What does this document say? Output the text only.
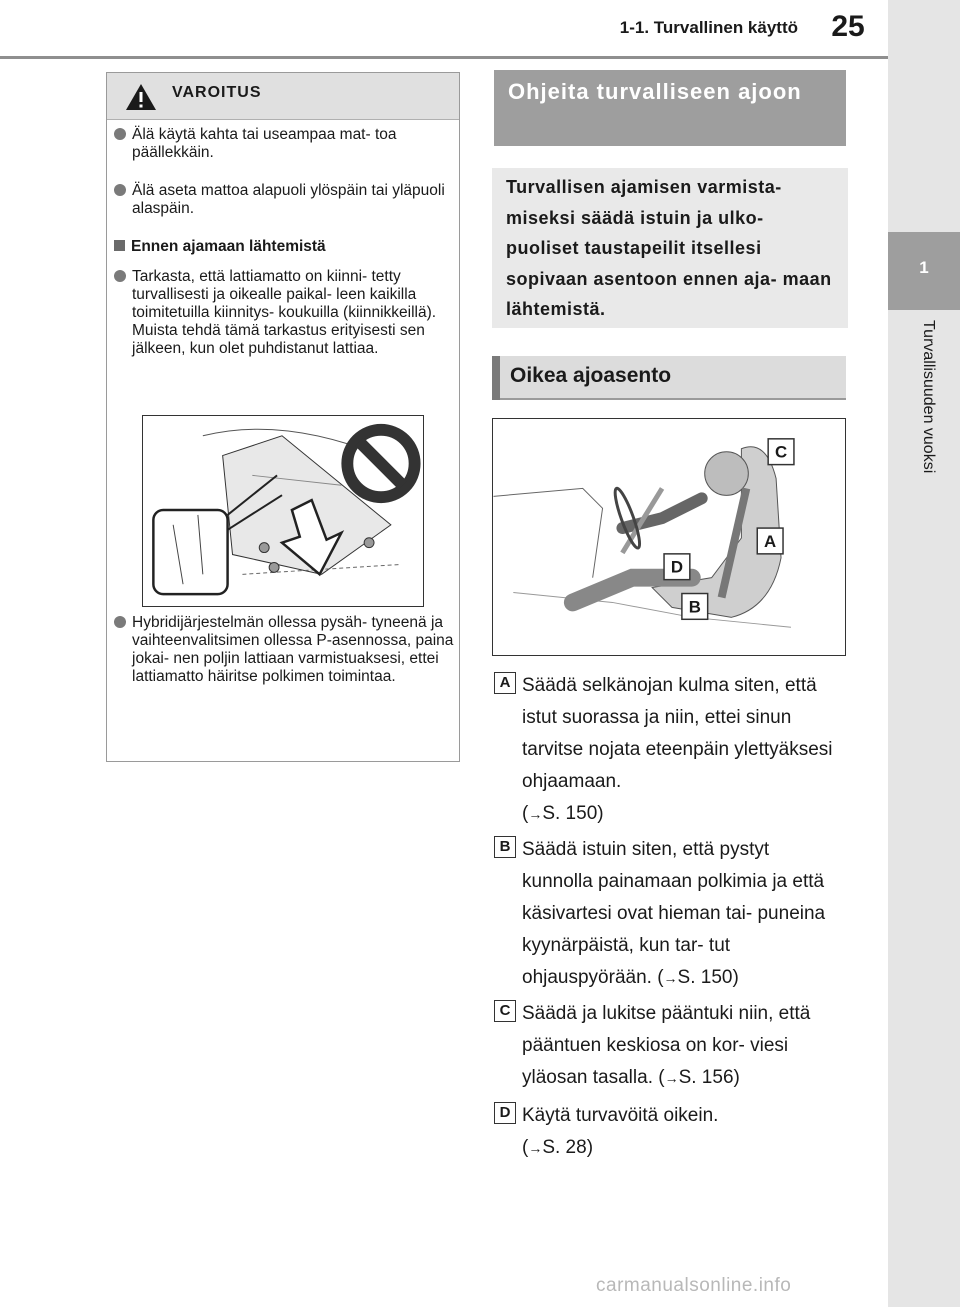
1-1. Turvallinen käyttö	25
1
Turvallisuuden vuoksi
VAROITUS
Älä käytä kahta tai useampaa mat- toa päällekkäin.
Älä aseta mattoa alapuoli ylöspäin tai yläpuoli alaspäin.
Ennen ajamaan lähtemistä
Tarkasta, että lattiamatto on kiinni- tetty turvallisesti ja oikealle paikal- leen kaikilla toimitetuilla kiinnitys- koukuilla (kiinnikkeillä). Muista tehdä tämä tarkastus erityisesti sen jälkeen, kun olet puhdistanut lattiaa.
Hybridijärjestelmän ollessa pysäh- tyneenä ja vaihteenvalitsimen ollessa P-asennossa, paina jokai- nen poljin lattiaan varmistuaksesi, ettei lattiamatto häiritse polkimen toimintaa.
Ohjeita turvalliseen ajoon
Turvallisen ajamisen varmista- miseksi säädä istuin ja ulko- puoliset taustapeilit itsellesi sopivaan asentoon ennen aja- maan lähtemistä.
Oikea ajoasento
C
A
D
B
A Säädä selkänojan kulma siten, että istut suorassa ja niin, ettei sinun tarvitse nojata eteenpäin ylettyäksesi ohjaamaan.
(→S. 150)
B Säädä istuin siten, että pystyt kunnolla painamaan polkimia ja että käsivartesi ovat hieman tai- puneina kyynärpäistä, kun tar- tut ohjauspyörään. (→S. 150)
C Säädä ja lukitse pääntuki niin, että pääntuen keskiosa on kor- viesi yläosan tasalla. (→S. 156)
D Käytä turvavöitä oikein.
(→S. 28)
carmanualsonline.info
